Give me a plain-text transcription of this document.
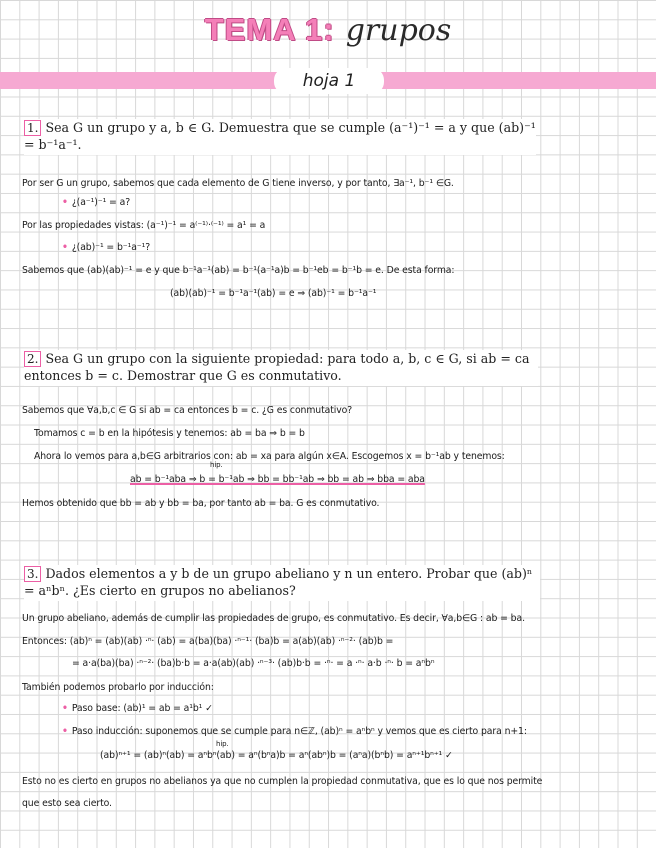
TEMA 1: grupos
hoja 1
1. Sea G un grupo y a, b ∈ G. Demuestra que se cumple (a⁻¹)⁻¹ = a y que (ab)⁻¹ = b⁻¹a⁻¹.
Por ser G un grupo, sabemos que cada elemento de G tiene inverso, y por tanto, ∃a⁻¹, b⁻¹ ∈G.
• ¿(a⁻¹)⁻¹ = a?
Por las propiedades vistas: (a⁻¹)⁻¹ = a⁽⁻¹⁾·⁽⁻¹⁾ = a¹ = a
• ¿(ab)⁻¹ = b⁻¹a⁻¹?
Sabemos que (ab)(ab)⁻¹ = e y que b⁻¹a⁻¹(ab) = b⁻¹(a⁻¹a)b = b⁻¹eb = b⁻¹b = e. De esta forma:
(ab)(ab)⁻¹ = b⁻¹a⁻¹(ab) = e ⇒ (ab)⁻¹ = b⁻¹a⁻¹
2. Sea G un grupo con la siguiente propiedad: para todo a, b, c ∈ G, si ab = ca entonces b = c. Demostrar que G es conmutativo.
Sabemos que ∀a,b,c ∈ G si ab = ca entonces b = c. ¿G es conmutativo?
Tomamos c = b en la hipótesis y tenemos: ab = ba ⇒ b = b
Ahora lo vemos para a,b∈G arbitrarios con: ab = xa para algún x∈A. Escogemos x = b⁻¹ab y tenemos:
hip.
ab = b⁻¹aba ⇒ b = b⁻¹ab ⇒ bb = bb⁻¹ab ⇒ bb = ab ⇒ bba = aba
Hemos obtenido que bb = ab y bb = ba, por tanto ab = ba. G es conmutativo.
3. Dados elementos a y b de un grupo abeliano y n un entero. Probar que (ab)ⁿ = aⁿbⁿ. ¿Es cierto en grupos no abelianos?
Un grupo abeliano, además de cumplir las propiedades de grupo, es conmutativo. Es decir, ∀a,b∈G : ab = ba.
Entonces: (ab)ⁿ = (ab)(ab) ·ⁿ· (ab) = a(ba)(ba) ·ⁿ⁻¹· (ba)b = a(ab)(ab) ·ⁿ⁻²· (ab)b =
= a·a(ba)(ba) ·ⁿ⁻²· (ba)b·b = a·a(ab)(ab) ·ⁿ⁻³· (ab)b·b = ·ⁿ· = a ·ⁿ· a·b ·ⁿ· b = aⁿbⁿ
También podemos probarlo por inducción:
• Paso base: (ab)¹ = ab = a¹b¹ ✓
• Paso inducción: suponemos que se cumple para n∈ℤ, (ab)ⁿ = aⁿbⁿ y vemos que es cierto para n+1:
hip.
(ab)ⁿ⁺¹ = (ab)ⁿ(ab) = aⁿbⁿ(ab) = aⁿ(bⁿa)b = aⁿ(abⁿ)b = (aⁿa)(bⁿb) = aⁿ⁺¹bⁿ⁺¹ ✓
Esto no es cierto en grupos no abelianos ya que no cumplen la propiedad conmutativa, que es lo que nos permite
que esto sea cierto.
